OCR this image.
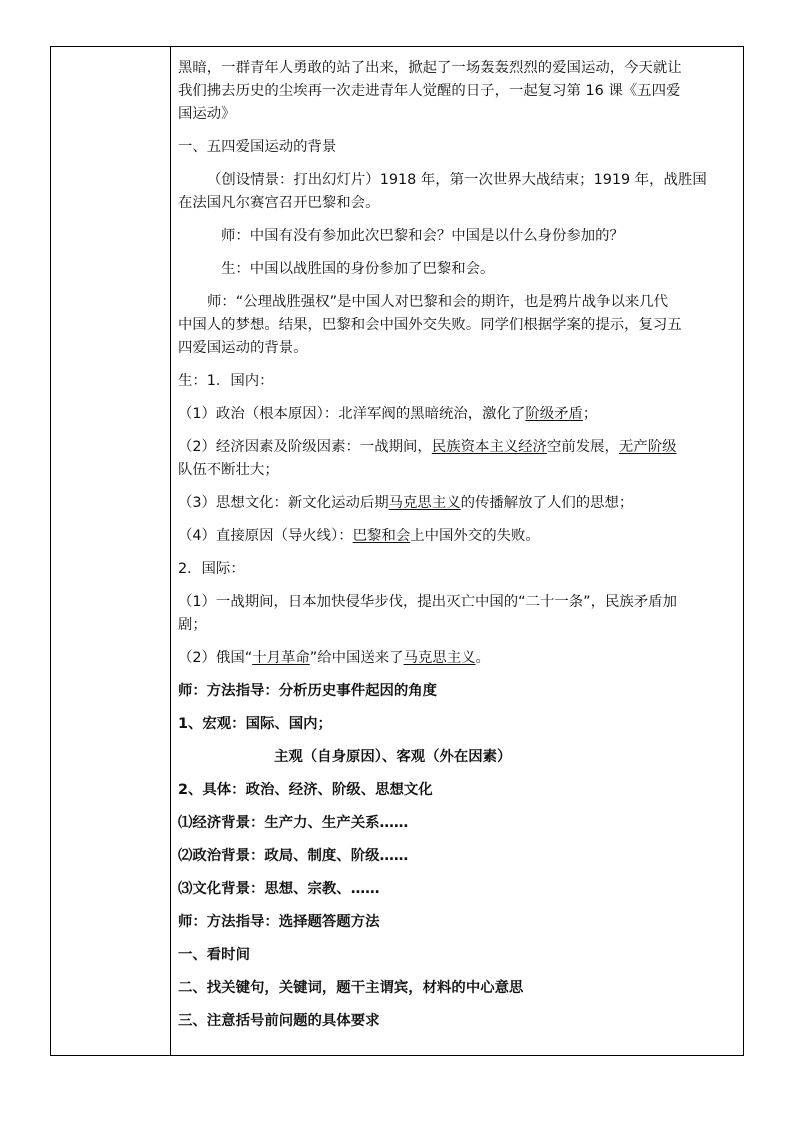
黑暗，一群青年人勇敢的站了出来，掀起了一场轰轰烈烈的爱国运动，今天就让
我们拂去历史的尘埃再一次走进青年人觉醒的日子，一起复习第 16 课《五四爱
国运动》

一、五四爱国运动的背景

（创设情景：打出幻灯片）1918 年，第一次世界大战结束；1919 年，战胜国
在法国凡尔赛宫召开巴黎和会。

师：中国有没有参加此次巴黎和会？中国是以什么身份参加的？

生：中国以战胜国的身份参加了巴黎和会。

师：“公理战胜强权”是中国人对巴黎和会的期许，也是鸦片战争以来几代
中国人的梦想。结果，巴黎和会中国外交失败。同学们根据学案的提示，复习五
四爱国运动的背景。

生：1．国内：

（1）政治（根本原因）：北洋军阀的黑暗统治，激化了阶级矛盾；

（2）经济因素及阶级因素：一战期间，民族资本主义经济空前发展，无产阶级
队伍不断壮大；

（3）思想文化：新文化运动后期马克思主义的传播解放了人们的思想；

（4）直接原因（导火线）：巴黎和会上中国外交的失败。

2．国际：

（1）一战期间，日本加快侵华步伐，提出灭亡中国的“二十一条”，民族矛盾加
剧；

（2）俄国“十月革命”给中国送来了马克思主义。

师：方法指导：分析历史事件起因的角度

1、宏观：国际、国内；

主观（自身原因）、客观（外在因素）

2、具体：政治、经济、阶级、思想文化

⑴经济背景：生产力、生产关系……

⑵政治背景：政局、制度、阶级……

⑶文化背景：思想、宗教、……

师：方法指导：选择题答题方法

一、看时间

二、找关键句，关键词，题干主谓宾，材料的中心意思

三、注意括号前问题的具体要求
